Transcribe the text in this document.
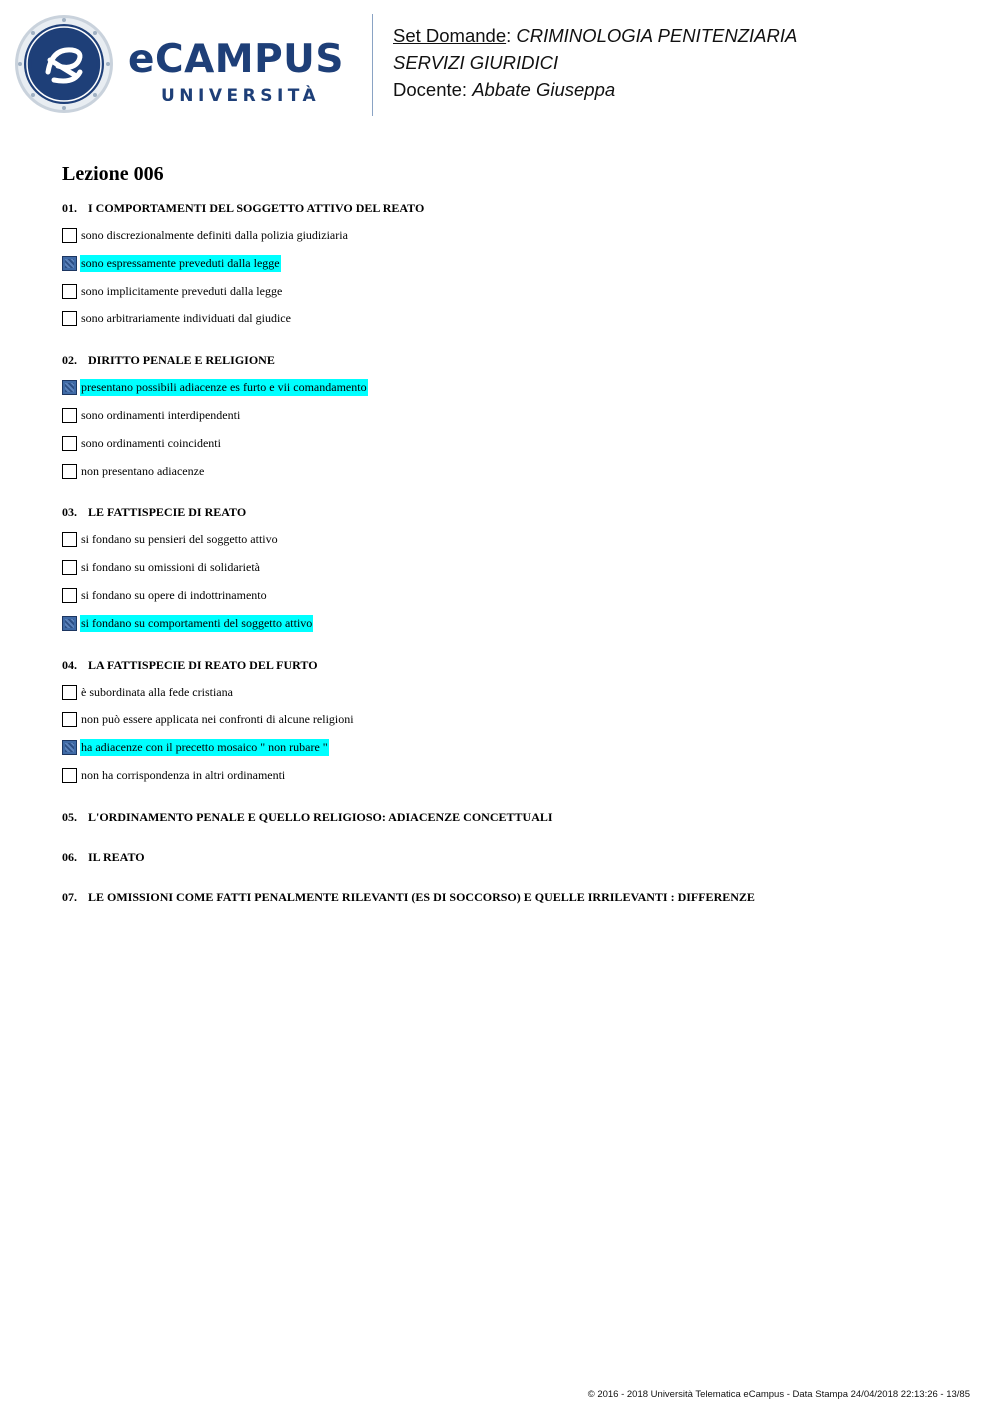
eCAMPUS
UNIVERSITÀ
Set Domande: CRIMINOLOGIA PENITENZIARIA
SERVIZI GIURIDICI
Docente: Abbate Giuseppa
Lezione 006
01. I COMPORTAMENTI DEL SOGGETTO ATTIVO DEL REATO
sono discrezionalmente definiti dalla polizia giudiziaria
sono espressamente preveduti dalla legge
sono implicitamente preveduti dalla legge
sono arbitrariamente individuati dal giudice
02. DIRITTO PENALE E RELIGIONE
presentano possibili adiacenze es furto e vii comandamento
sono ordinamenti interdipendenti
sono ordinamenti coincidenti
non presentano adiacenze
03. LE FATTISPECIE DI REATO
si fondano su pensieri del soggetto attivo
si fondano su omissioni di solidarietà
si fondano su opere di indottrinamento
si fondano su comportamenti del soggetto attivo
04. LA FATTISPECIE DI REATO DEL FURTO
è subordinata alla fede cristiana
non può essere applicata nei confronti di alcune religioni
ha adiacenze con il precetto mosaico " non rubare "
non ha corrispondenza in altri ordinamenti
05. L'ORDINAMENTO PENALE E QUELLO RELIGIOSO: ADIACENZE CONCETTUALI
06. IL REATO
07. LE OMISSIONI COME FATTI PENALMENTE RILEVANTI (ES DI SOCCORSO) E QUELLE IRRILEVANTI : DIFFERENZE
© 2016 - 2018 Università Telematica eCampus - Data Stampa 24/04/2018 22:13:26 - 13/85
